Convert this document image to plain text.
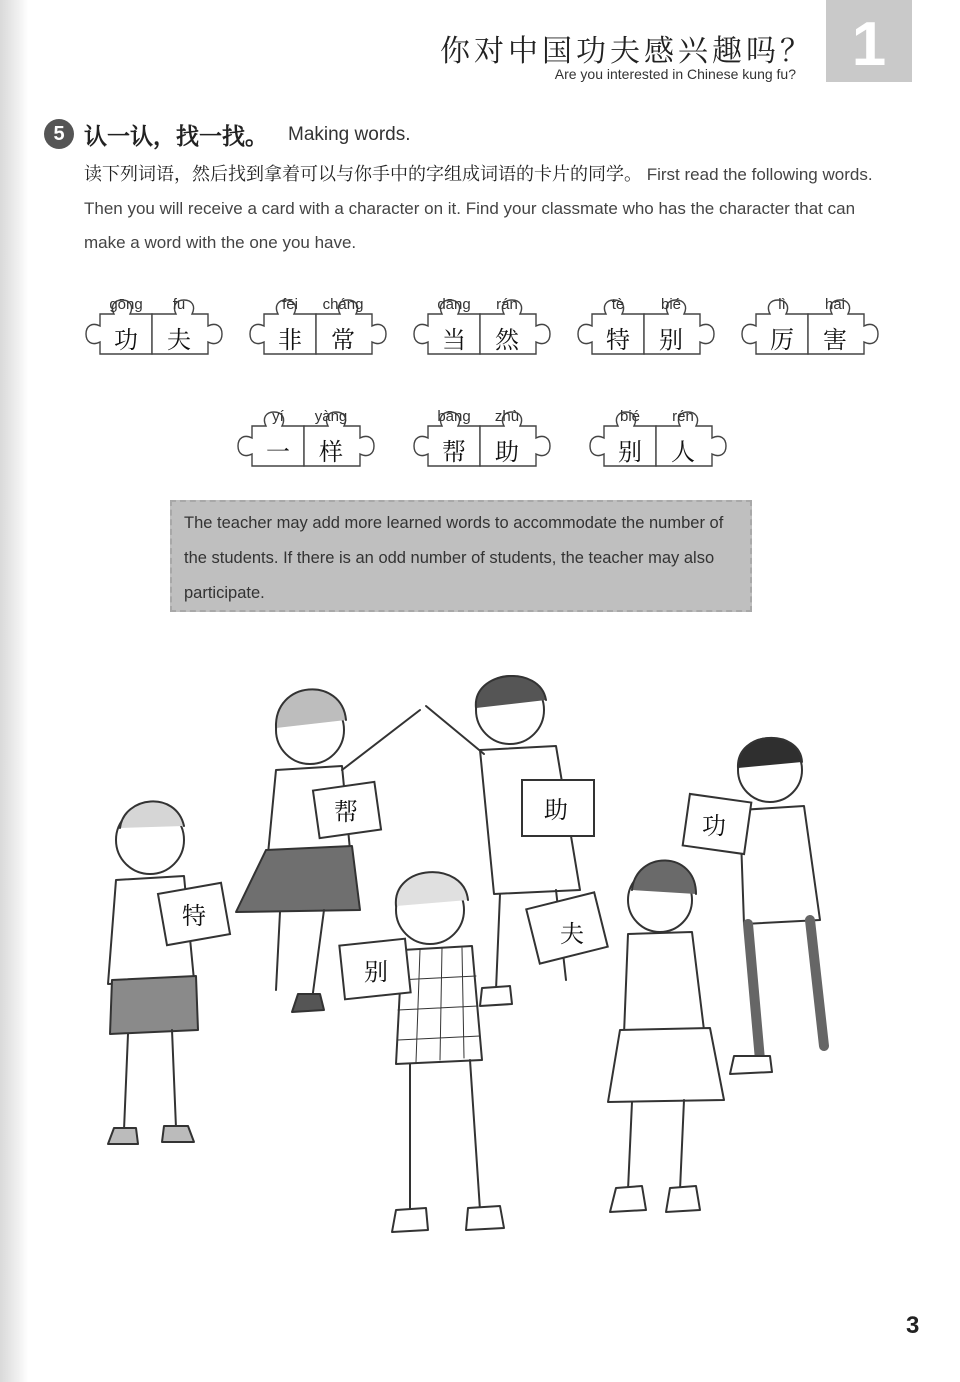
你对中国功夫感兴趣吗？
Are you interested in Chinese kung fu? 1
5 认一认，找一找。 Making words.
读下列词语，然后找到拿着可以与你手中的字组成词语的卡片的同学。 First read the following words. Then you will receive a card with a character on it. Find your classmate who has the character that can make a word with the one you have.
gōng
功
fu
夫
fēi
非
cháng
常
dāng
当
rán
然
tè
特
bié
别
lì
厉
hai
害
yí
一
yàng
样
bāng
帮
zhù
助
bié
别
rén
人
The teacher may add more learned words to accommodate the number of the students. If there is an odd number of students, the teacher may also participate.
帮	助
功
特
别
夫
3
